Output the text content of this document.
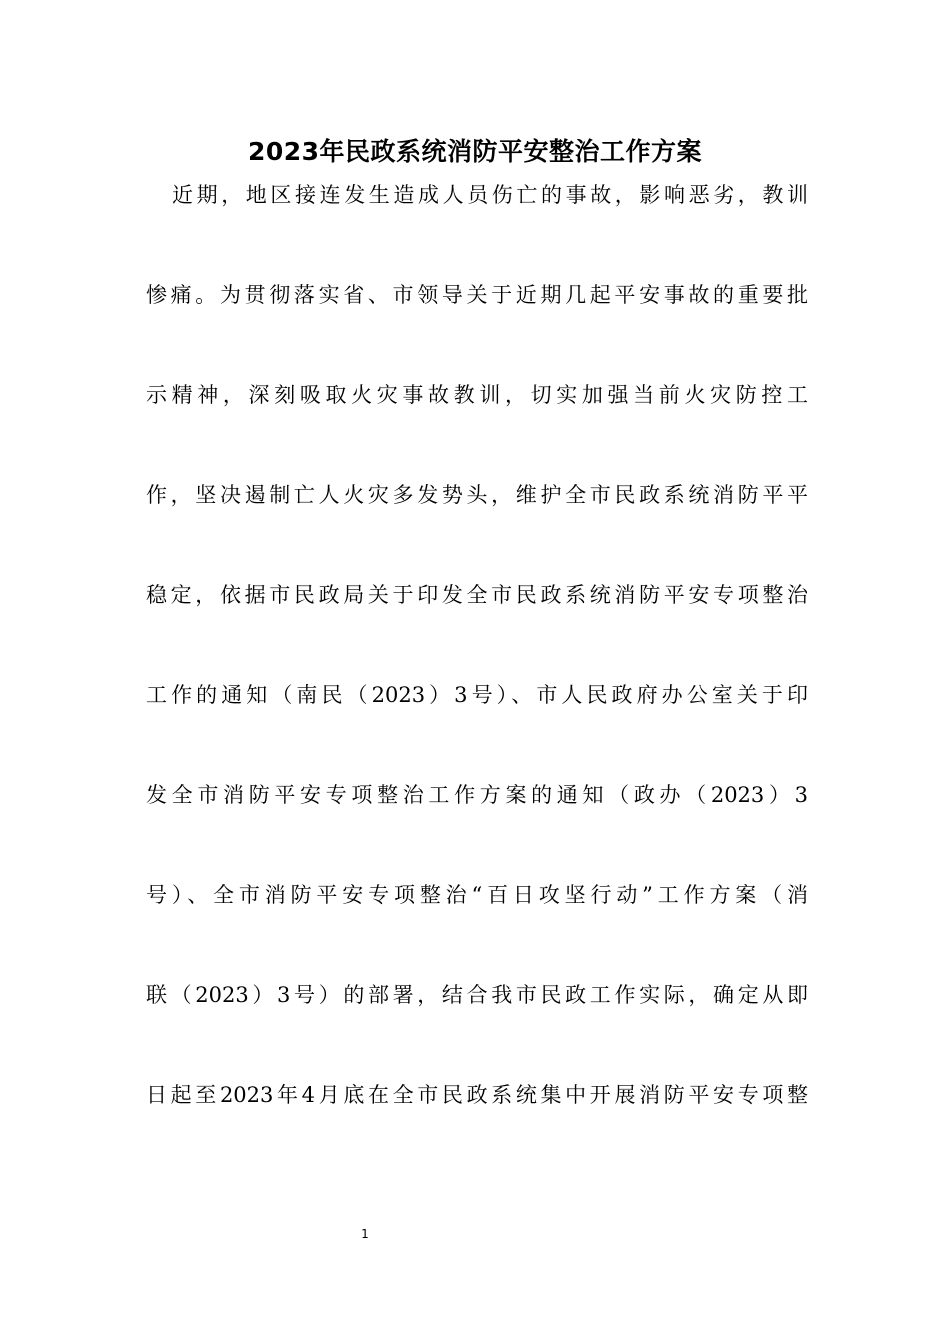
2023年民政系统消防平安整治工作方案
近期，地区接连发生造成人员伤亡的事故，影响恶劣，教训
惨痛。为贯彻落实省、市领导关于近期几起平安事故的重要批
示精神，深刻吸取火灾事故教训，切实加强当前火灾防控工
作，坚决遏制亡人火灾多发势头，维护全市民政系统消防平平
稳定，依据市民政局关于印发全市民政系统消防平安专项整治
工作的通知（南民（2023）3号）、市人民政府办公室关于印
发全市消防平安专项整治工作方案的通知（政办（2023）3
号）、全市消防平安专项整治“百日攻坚行动”工作方案（消
联（2023）3号）的部署，结合我市民政工作实际，确定从即
日起至2023年4月底在全市民政系统集中开展消防平安专项整
1
